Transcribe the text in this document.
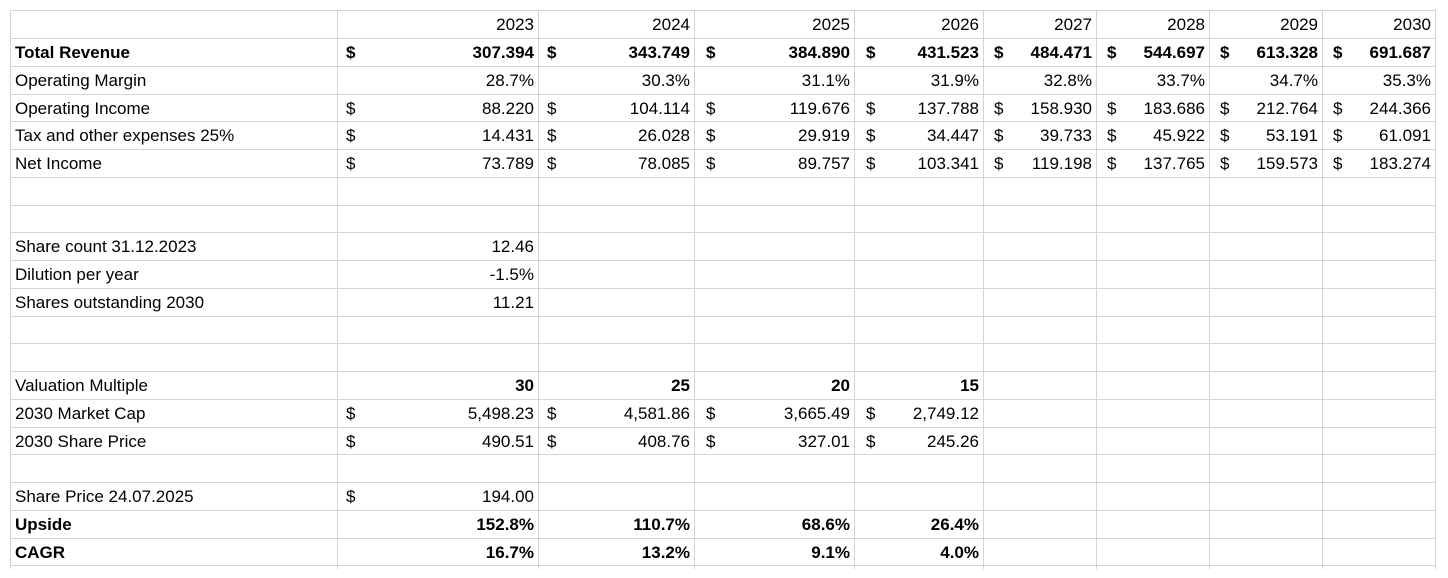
2023	2024	2025	2026	2027	2028	2029	2030
Total Revenue	$	307.394 $	343.749 $	384.890 $	431.523 $	484.471 $	544.697 $	613.328 $	691.687
Operating Margin	28.7%	30.3%	31.1%	31.9%	32.8%	33.7%	34.7%	35.3%
Operating Income	$	88.220 $	104.114 $	119.676 $	137.788 $	158.930 $	183.686 $	212.764 $	244.366
Tax and other expenses 25%	$	14.431 $	26.028 $	29.919 $	34.447 $	39.733 $	45.922 $	53.191 $	61.091
Net Income	$	73.789 $	78.085 $	89.757 $	103.341 $	119.198 $	137.765 $	159.573 $	183.274
Share count 31.12.2023	12.46
Dilution per year	-1.5%
Shares outstanding 2030	11.21
Valuation Multiple	30	25	20	15
2030 Market Cap	$	5,498.23 $	4,581.86 $	3,665.49 $	2,749.12
2030 Share Price	$	490.51 $	408.76 $	327.01 $	245.26
Share Price 24.07.2025	$	194.00
Upside	152.8%	110.7%	68.6%	26.4%
CAGR	16.7%	13.2%	9.1%	4.0%
